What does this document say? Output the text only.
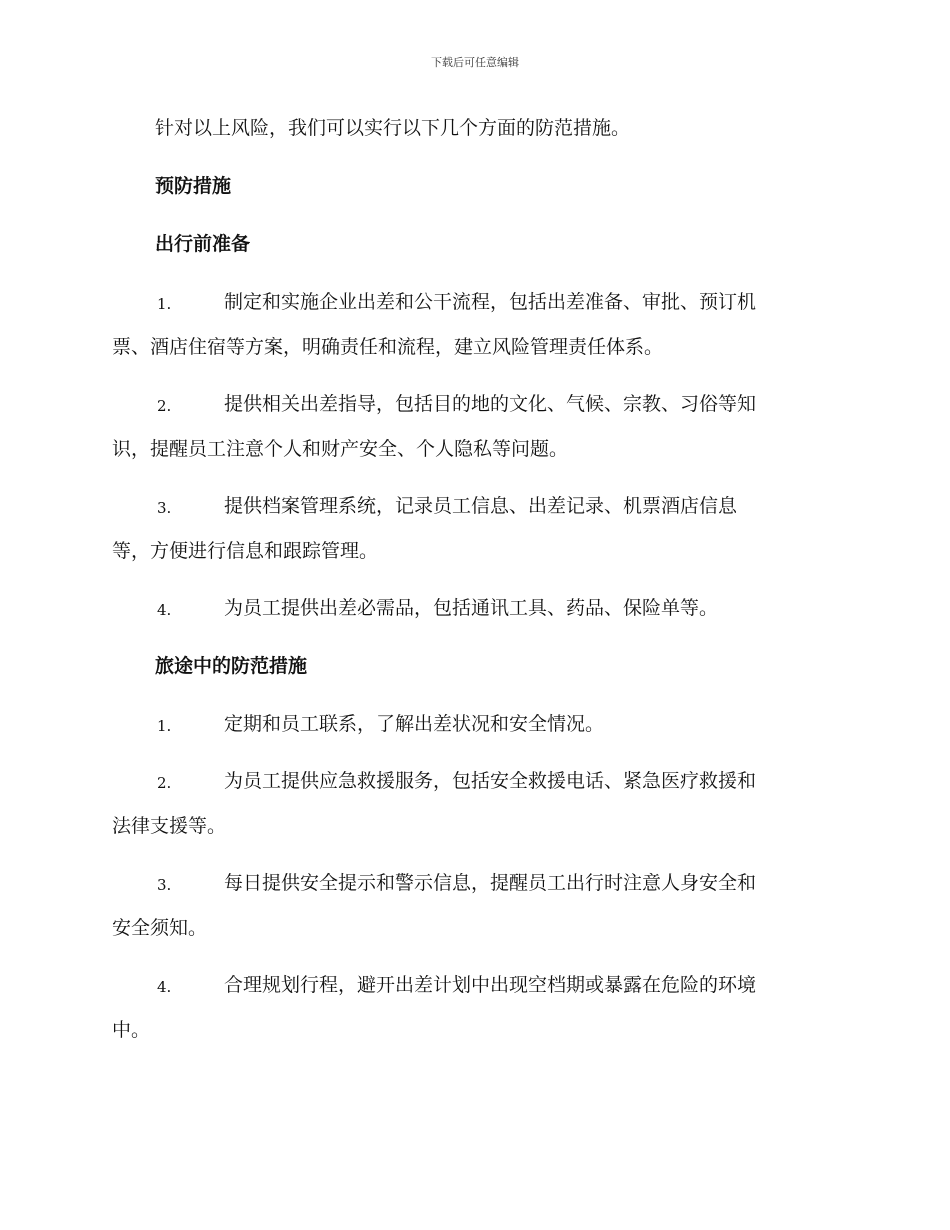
下载后可任意编辑
针对以上风险，我们可以实行以下几个方面的防范措施。
预防措施
出行前准备
1.	制定和实施企业出差和公干流程，包括出差准备、审批、预订机
票、酒店住宿等方案，明确责任和流程，建立风险管理责任体系。
2.	提供相关出差指导，包括目的地的文化、气候、宗教、习俗等知
识，提醒员工注意个人和财产安全、个人隐私等问题。
3.	提供档案管理系统，记录员工信息、出差记录、机票酒店信息
等，方便进行信息和跟踪管理。
4.	为员工提供出差必需品，包括通讯工具、药品、保险单等。
旅途中的防范措施
1.	定期和员工联系，了解出差状况和安全情况。
2.	为员工提供应急救援服务，包括安全救援电话、紧急医疗救援和
法律支援等。
3.	每日提供安全提示和警示信息，提醒员工出行时注意人身安全和
安全须知。
4.	合理规划行程，避开出差计划中出现空档期或暴露在危险的环境
中。
